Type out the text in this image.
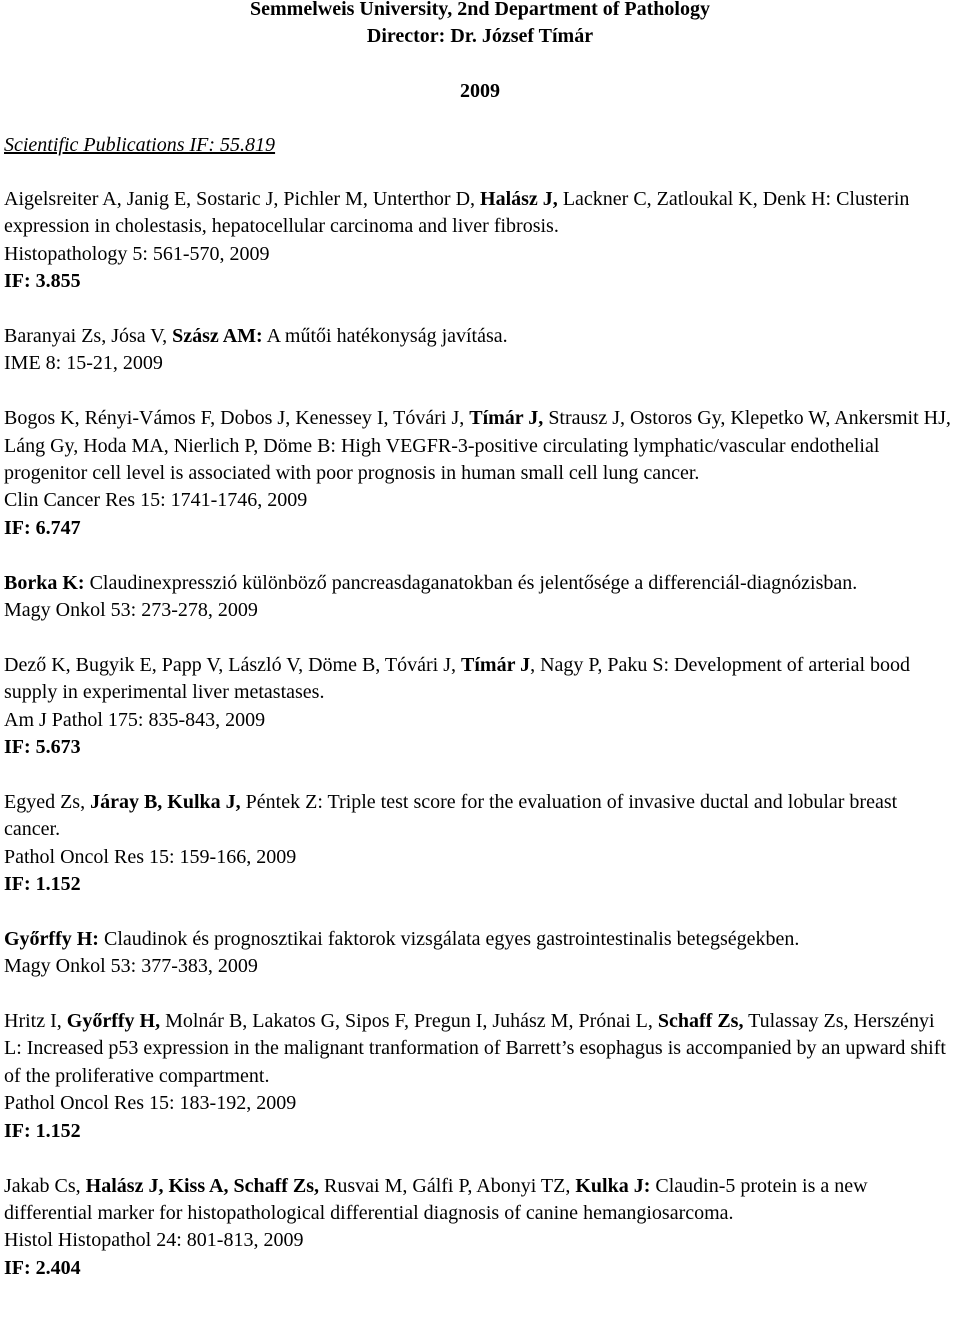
Semmelweis University, 2nd Department of Pathology
Director: Dr. József Tímár
2009
Scientific Publications IF: 55.819
Aigelsreiter A, Janig E, Sostaric J, Pichler M, Unterthor D, Halász J, Lackner C, Zatloukal K, Denk H: Clusterin expression in cholestasis, hepatocellular carcinoma and liver fibrosis.
Histopathology 5: 561-570, 2009
IF: 3.855
Baranyai Zs, Jósa V, Szász AM: A műtői hatékonyság javítása.
IME 8: 15-21, 2009
Bogos K, Rényi-Vámos F, Dobos J, Kenessey I, Tóvári J, Tímár J, Strausz J, Ostoros Gy, Klepetko W, Ankersmit HJ, Láng Gy, Hoda MA, Nierlich P, Döme B: High VEGFR-3-positive circulating lymphatic/vascular endothelial progenitor cell level is associated with poor prognosis in human small cell lung cancer.
Clin Cancer Res 15: 1741-1746, 2009
IF: 6.747
Borka K: Claudinexpresszió különböző pancreasdaganatokban és jelentősége a differenciál-diagnózisban.
Magy Onkol 53: 273-278, 2009
Dező K, Bugyik E, Papp V, László V, Döme B, Tóvári J, Tímár J, Nagy P, Paku S: Development of arterial bood supply in experimental liver metastases.
Am J Pathol 175: 835-843, 2009
IF: 5.673
Egyed Zs, Járay B, Kulka J, Péntek Z: Triple test score for the evaluation of invasive ductal and lobular breast cancer.
Pathol Oncol Res 15: 159-166, 2009
IF: 1.152
Győrffy H: Claudinok és prognosztikai faktorok vizsgálata egyes gastrointestinalis betegségekben.
Magy Onkol 53: 377-383, 2009
Hritz I, Győrffy H, Molnár B, Lakatos G, Sipos F, Pregun I, Juhász M, Prónai L, Schaff Zs, Tulassay Zs, Herszényi L: Increased p53 expression in the malignant tranformation of Barrett’s esophagus is accompanied by an upward shift of the proliferative compartment.
Pathol Oncol Res 15: 183-192, 2009
IF: 1.152
Jakab Cs, Halász J, Kiss A, Schaff Zs, Rusvai M, Gálfi P, Abonyi TZ, Kulka J: Claudin-5 protein is a new differential marker for histopathological differential diagnosis of canine hemangiosarcoma.
Histol Histopathol 24: 801-813, 2009
IF: 2.404
